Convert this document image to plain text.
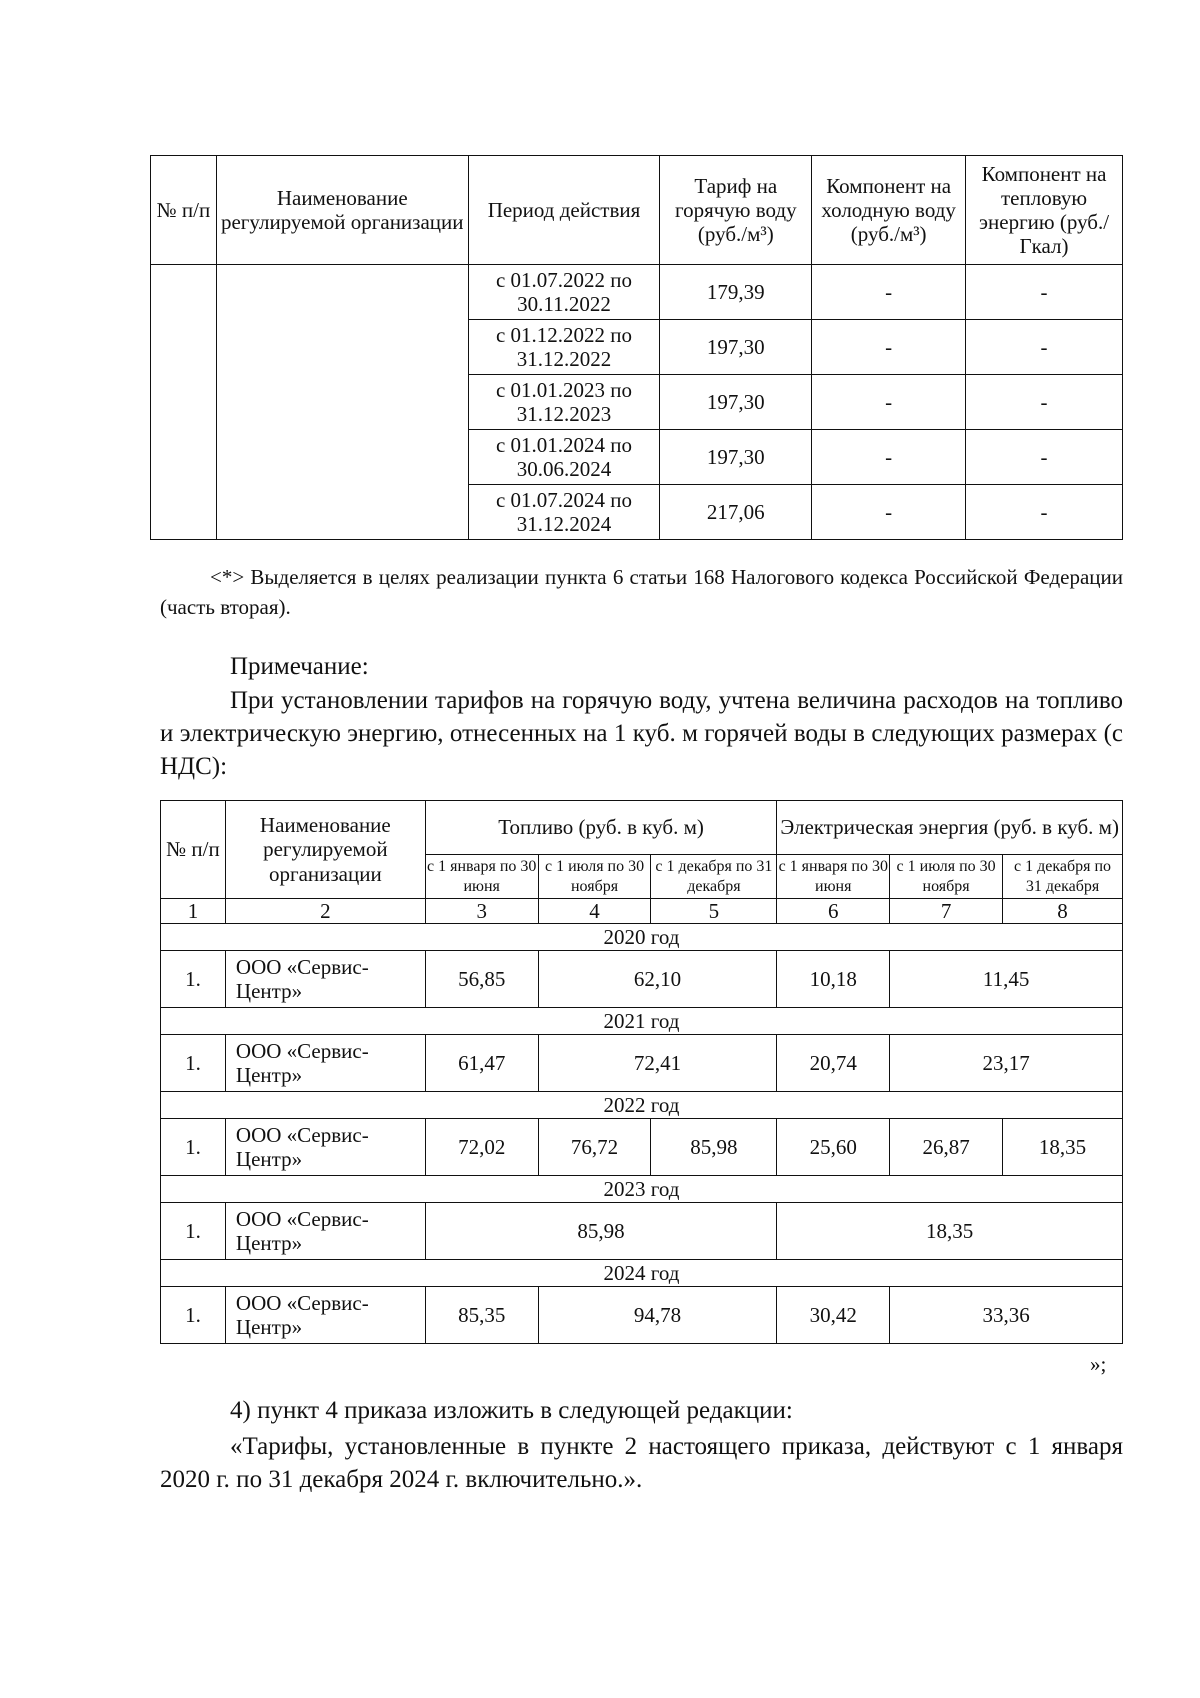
№ п/п	Наименование регулируемой организации	Период действия	Тариф на горячую воду (руб./м³)	Компонент на холодную воду (руб./м³)	Компонент на тепловую энергию (руб./Гкал)
		с 01.07.2022 по 30.11.2022	179,39	-	-
		с 01.12.2022 по 31.12.2022	197,30	-	-
		с 01.01.2023 по 31.12.2023	197,30	-	-
		с 01.01.2024 по 30.06.2024	197,30	-	-
		с 01.07.2024 по 31.12.2024	217,06	-	-
<*> Выделяется в целях реализации пункта 6 статьи 168 Налогового кодекса Российской Федерации (часть вторая).
Примечание:
При установлении тарифов на горячую воду, учтена величина расходов на топливо и электрическую энергию, отнесенных на 1 куб. м горячей воды в следующих размерах (с НДС):
№ п/п	Наименование регулируемой организации	Топливо (руб. в куб. м)			Электрическая энергия (руб. в куб. м)		
		с 1 января по 30 июня	с 1 июля по 30 ноября	с 1 декабря по 31 декабря	с 1 января по 30 июня	с 1 июля по 30 ноября	с 1 декабря по 31 декабря
1	2	3	4	5	6	7	8
2020 год							
1.	ООО «Сервис-Центр»	56,85	62,10		10,18	11,45	
2021 год							
1.	ООО «Сервис-Центр»	61,47	72,41		20,74	23,17	
2022 год							
1.	ООО «Сервис-Центр»	72,02	76,72	85,98	25,60	26,87	18,35
2023 год							
1.	ООО «Сервис-Центр»	85,98			18,35		
2024 год							
1.	ООО «Сервис-Центр»	85,35	94,78		30,42	33,36	
»;
4) пункт 4 приказа изложить в следующей редакции:
«Тарифы, установленные в пункте 2 настоящего приказа, действуют с 1 января 2020 г. по 31 декабря 2024 г. включительно.».
